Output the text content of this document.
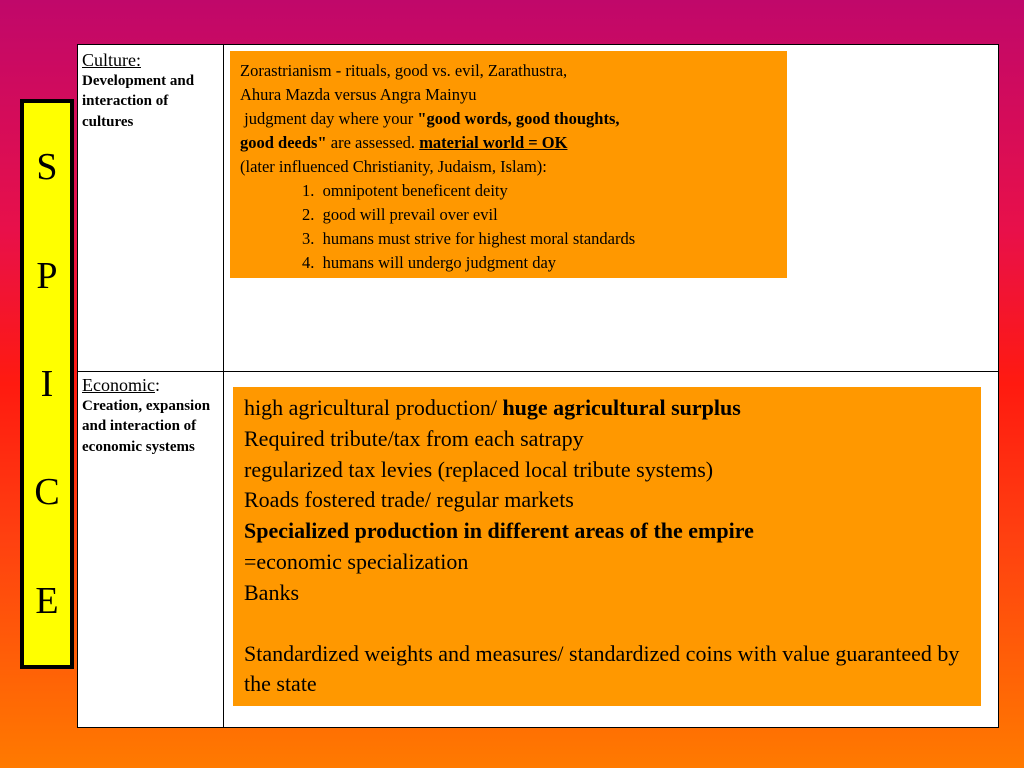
S
P
I
C
E
Culture:
Development and interaction of cultures
Economic:
Creation, expansion and interaction of economic systems
Zorastrianism - rituals, good vs. evil, Zarathustra,
Ahura Mazda versus Angra Mainyu
judgment day where your "good words, good thoughts,
good deeds" are assessed. material world = OK
(later influenced Christianity, Judaism, Islam):
1.  omnipotent beneficent deity
2.  good will prevail over evil
3.  humans must strive for highest moral standards
4.  humans will undergo judgment day
high agricultural production/ huge agricultural surplus
Required tribute/tax from each satrapy
regularized tax levies (replaced local tribute systems)
Roads fostered trade/ regular markets
Specialized production in different areas of the empire
=economic specialization
Banks
Standardized weights and measures/ standardized coins with value guaranteed by the state
